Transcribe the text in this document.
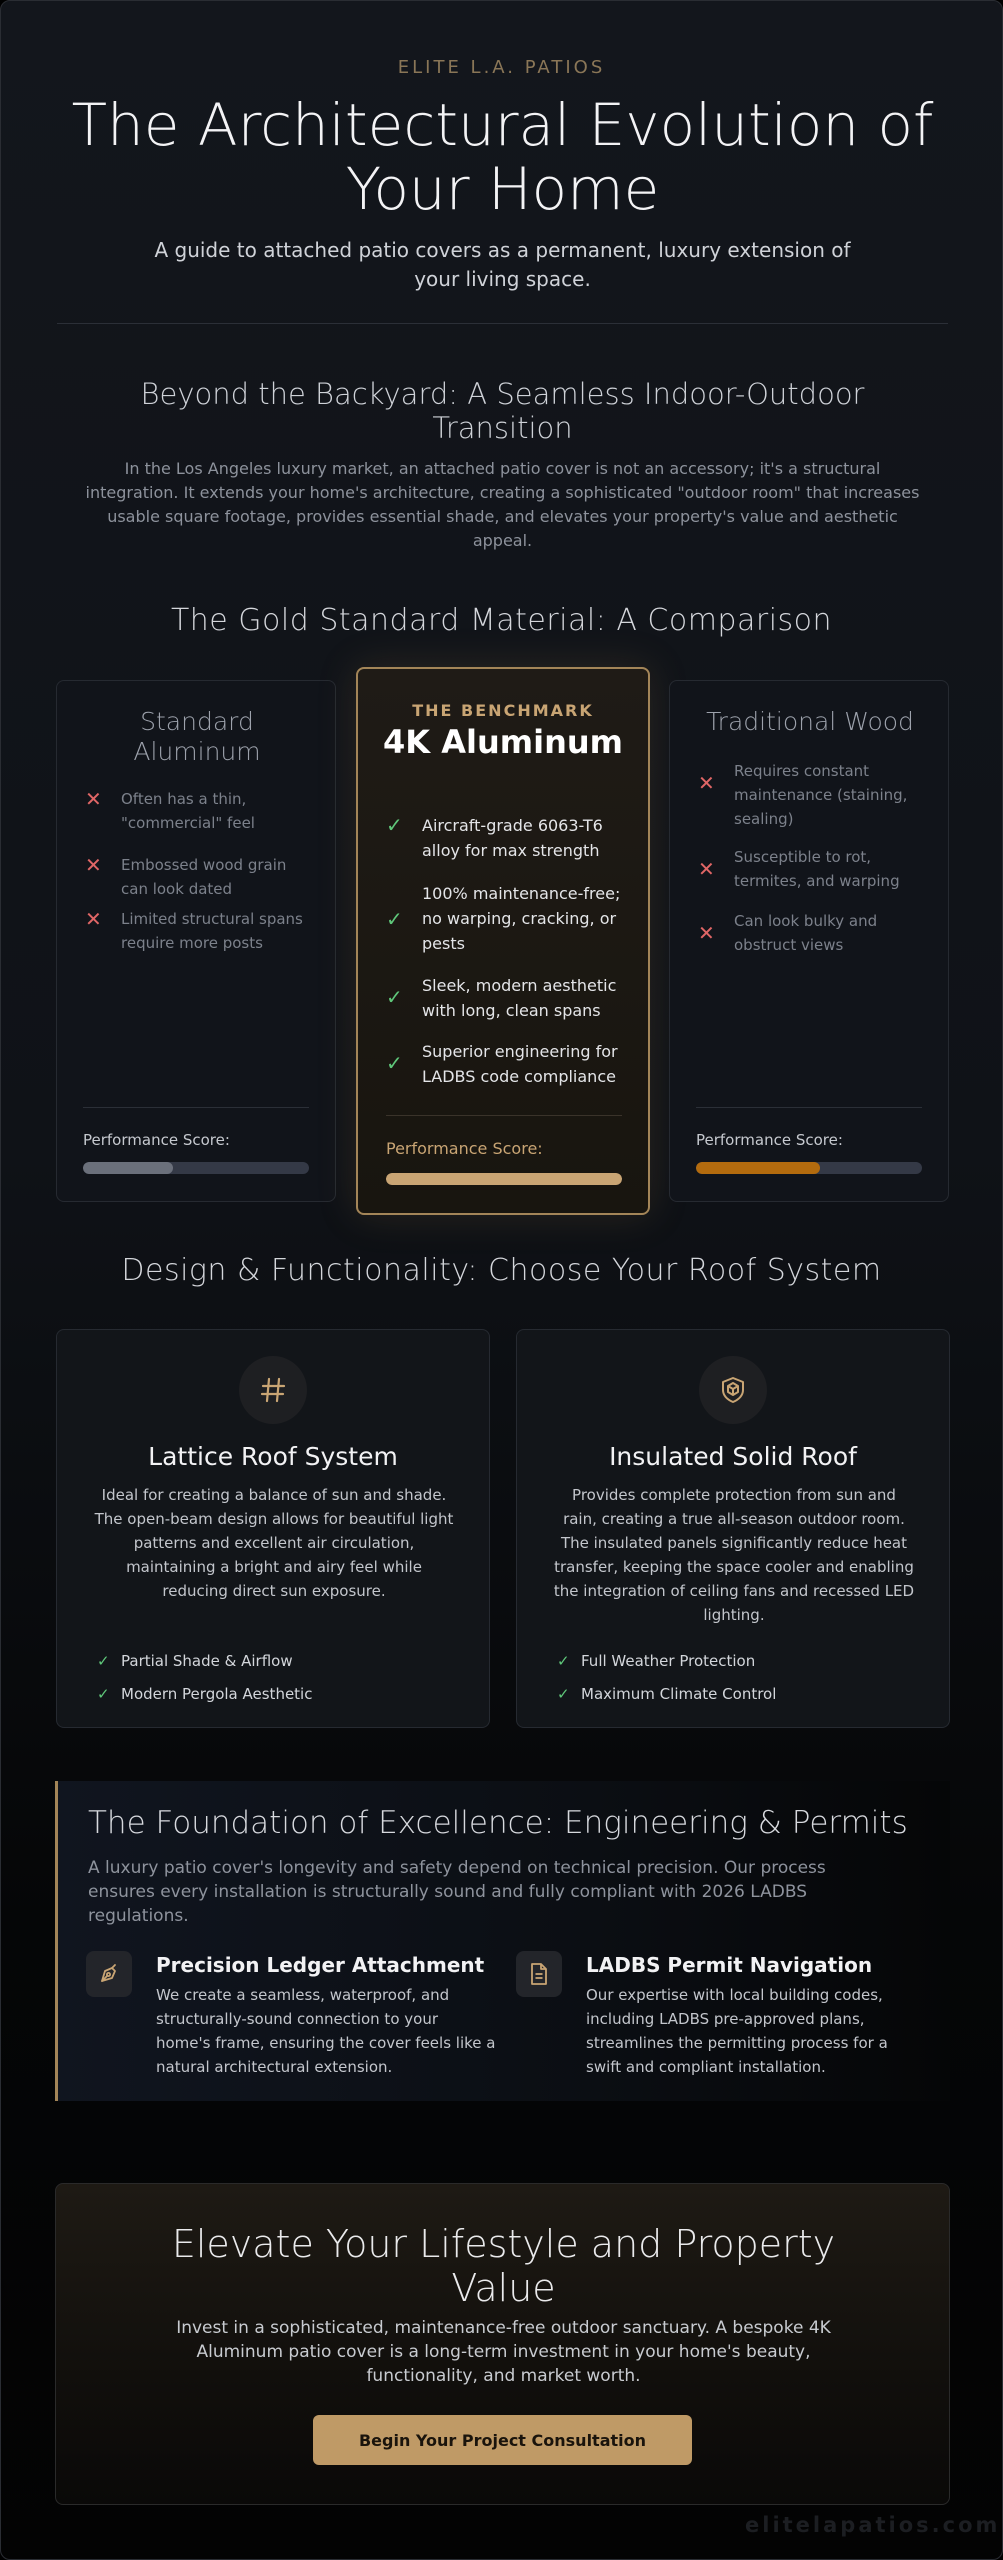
ELITE L.A. PATIOS
The Architectural Evolution of Your Home

A guide to attached patio covers as a permanent, luxury extension of your living space.

Beyond the Backyard: A Seamless Indoor-Outdoor Transition

In the Los Angeles luxury market, an attached patio cover is not an accessory; it's a structural integration. It extends your home's architecture, creating a sophisticated "outdoor room" that increases usable square footage, provides essential shade, and elevates your property's value and aesthetic appeal.

The Gold Standard Material: A Comparison
Standard Aluminum
✕	Often has a thin, "commercial" feel
✕	Embossed wood grain can look dated
✕	Limited structural spans require more posts
Performance Score:
THE BENCHMARK
4K Aluminum
✓	Aircraft-grade 6063-T6 alloy for max strength
✓
100% maintenance-free; no warping, cracking, or pests
✓	Sleek, modern aesthetic with long, clean spans
✓	Superior engineering for LADBS code compliance
Performance Score:
Traditional Wood
✕	Requires constant maintenance (staining, sealing)
✕	Susceptible to rot, termites, and warping
✕	Can look bulky and obstruct views
Performance Score:
Design & Functionality: Choose Your Roof System
Lattice Roof System

Ideal for creating a balance of sun and shade. The open-beam design allows for beautiful light patterns and excellent air circulation, maintaining a bright and airy feel while reducing direct sun exposure.

✓ Partial Shade & Airflow
✓ Modern Pergola Aesthetic
Insulated Solid Roof

Provides complete protection from sun and rain, creating a true all-season outdoor room. The insulated panels significantly reduce heat transfer, keeping the space cooler and enabling the integration of ceiling fans and recessed LED lighting.

✓ Full Weather Protection
✓ Maximum Climate Control
The Foundation of Excellence: Engineering & Permits

A luxury patio cover's longevity and safety depend on technical precision. Our process ensures every installation is structurally sound and fully compliant with 2026 LADBS regulations.

Precision Ledger Attachment

We create a seamless, waterproof, and structurally-sound connection to your home's frame, ensuring the cover feels like a natural architectural extension.

LADBS Permit Navigation

Our expertise with local building codes, including LADBS pre-approved plans, streamlines the permitting process for a swift and compliant installation.

Elevate Your Lifestyle and Property Value

Invest in a sophisticated, maintenance-free outdoor sanctuary. A bespoke 4K Aluminum patio cover is a long-term investment in your home's beauty, functionality, and market worth.

Begin Your Project Consultation
elitelapatios.com
